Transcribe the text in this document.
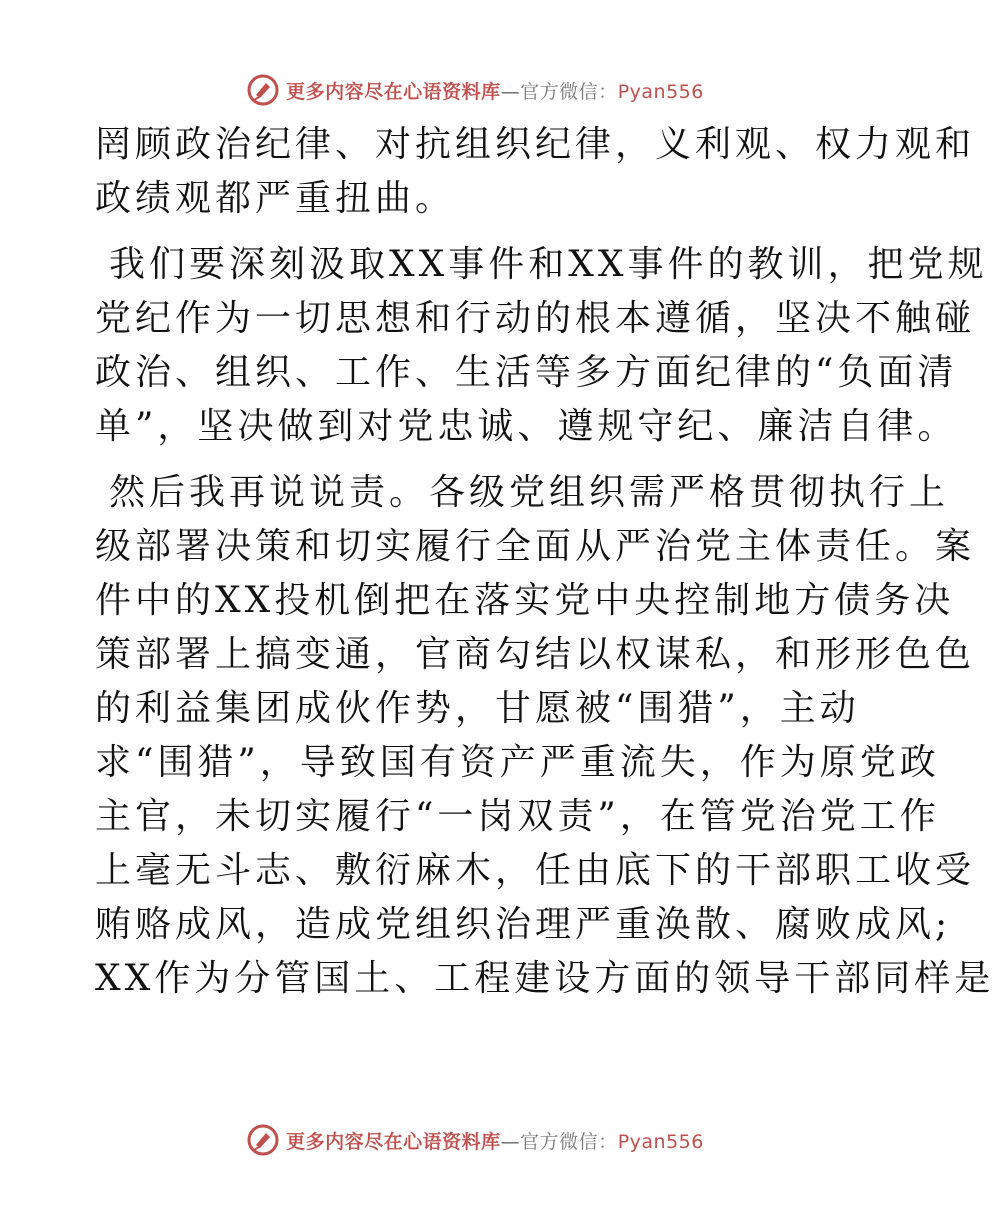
更多内容尽在心语资料库—官方微信：Pyan556
罔顾政治纪律、对抗组织纪律，义利观、权力观和
政绩观都严重扭曲。
我们要深刻汲取XX事件和XX事件的教训，把党规
党纪作为一切思想和行动的根本遵循，坚决不触碰
政治、组织、工作、生活等多方面纪律的“负面清
单”，坚决做到对党忠诚、遵规守纪、廉洁自律。
然后我再说说责。各级党组织需严格贯彻执行上
级部署决策和切实履行全面从严治党主体责任。案
件中的XX投机倒把在落实党中央控制地方债务决
策部署上搞变通，官商勾结以权谋私，和形形色色
的利益集团成伙作势，甘愿被“围猎”，主动
求“围猎”，导致国有资产严重流失，作为原党政
主官，未切实履行“一岗双责”，在管党治党工作
上毫无斗志、敷衍麻木，任由底下的干部职工收受
贿赂成风，造成党组织治理严重涣散、腐败成风;
XX作为分管国土、工程建设方面的领导干部同样是
更多内容尽在心语资料库—官方微信：Pyan556
